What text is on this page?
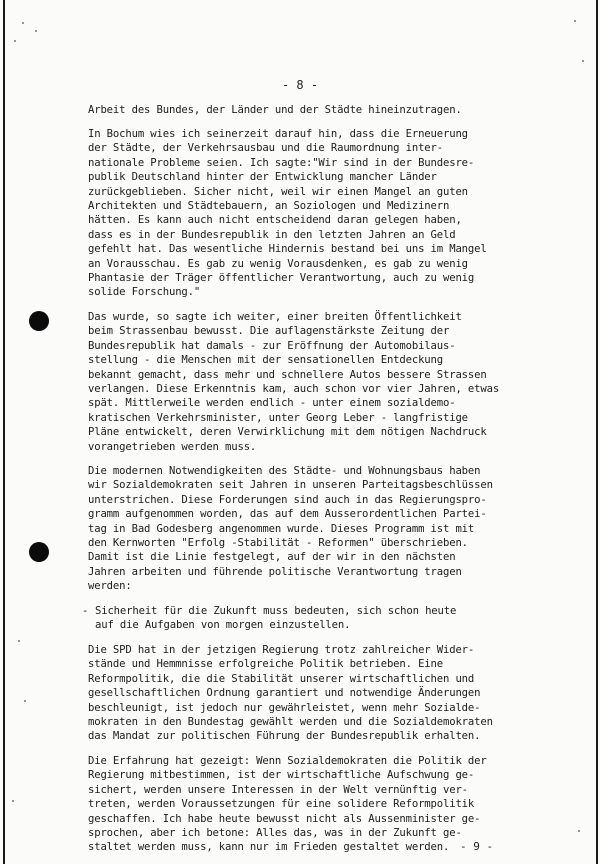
- 8 -

Arbeit des Bundes, der Länder und der Städte hineinzutragen.

In Bochum wies ich seinerzeit darauf hin, dass die Erneuerung
der Städte, der Verkehrsausbau und die Raumordnung inter-
nationale Probleme seien. Ich sagte:"Wir sind in der Bundesre-
publik Deutschland hinter der Entwicklung mancher Länder
zurückgeblieben. Sicher nicht, weil wir einen Mangel an guten
Architekten und Städtebauern, an Soziologen und Medizinern
hätten. Es kann auch nicht entscheidend daran gelegen haben,
dass es in der Bundesrepublik in den letzten Jahren an Geld
gefehlt hat. Das wesentliche Hindernis bestand bei uns im Mangel
an Vorausschau. Es gab zu wenig Vorausdenken, es gab zu wenig
Phantasie der Träger öffentlicher Verantwortung, auch zu wenig
solide Forschung."

Das wurde, so sagte ich weiter, einer breiten Öffentlichkeit
beim Strassenbau bewusst. Die auflagenstärkste Zeitung der
Bundesrepublik hat damals - zur Eröffnung der Automobilaus-
stellung - die Menschen mit der sensationellen Entdeckung
bekannt gemacht, dass mehr und schnellere Autos bessere Strassen
verlangen. Diese Erkenntnis kam, auch schon vor vier Jahren, etwas
spät. Mittlerweile werden endlich - unter einem sozialdemo-
kratischen Verkehrsminister, unter Georg Leber - langfristige
Pläne entwickelt, deren Verwirklichung mit dem nötigen Nachdruck
vorangetrieben werden muss.

Die modernen Notwendigkeiten des Städte- und Wohnungsbaus haben
wir Sozialdemokraten seit Jahren in unseren Parteitagsbeschlüssen
unterstrichen. Diese Forderungen sind auch in das Regierungspro-
gramm aufgenommen worden, das auf dem Ausserordentlichen Partei-
tag in Bad Godesberg angenommen wurde. Dieses Programm ist mit
den Kernworten "Erfolg -Stabilität - Reformen" überschrieben.
Damit ist die Linie festgelegt, auf der wir in den nächsten
Jahren arbeiten und führende politische Verantwortung tragen
werden:

- Sicherheit für die Zukunft muss bedeuten, sich schon heute
auf die Aufgaben von morgen einzustellen.

Die SPD hat in der jetzigen Regierung trotz zahlreicher Wider-
stände und Hemmnisse erfolgreiche Politik betrieben. Eine
Reformpolitik, die die Stabilität unserer wirtschaftlichen und
gesellschaftlichen Ordnung garantiert und notwendige Änderungen
beschleunigt, ist jedoch nur gewährleistet, wenn mehr Sozialde-
mokraten in den Bundestag gewählt werden und die Sozialdemokraten
das Mandat zur politischen Führung der Bundesrepublik erhalten.

Die Erfahrung hat gezeigt: Wenn Sozialdemokraten die Politik der
Regierung mitbestimmen, ist der wirtschaftliche Aufschwung ge-
sichert, werden unsere Interessen in der Welt vernünftig ver-
treten, werden Voraussetzungen für eine solidere Reformpolitik
geschaffen. Ich habe heute bewusst nicht als Aussenminister ge-
sprochen, aber ich betone: Alles das, was in der Zukunft ge-
staltet werden muss, kann nur im Frieden gestaltet werden. - 9 -
